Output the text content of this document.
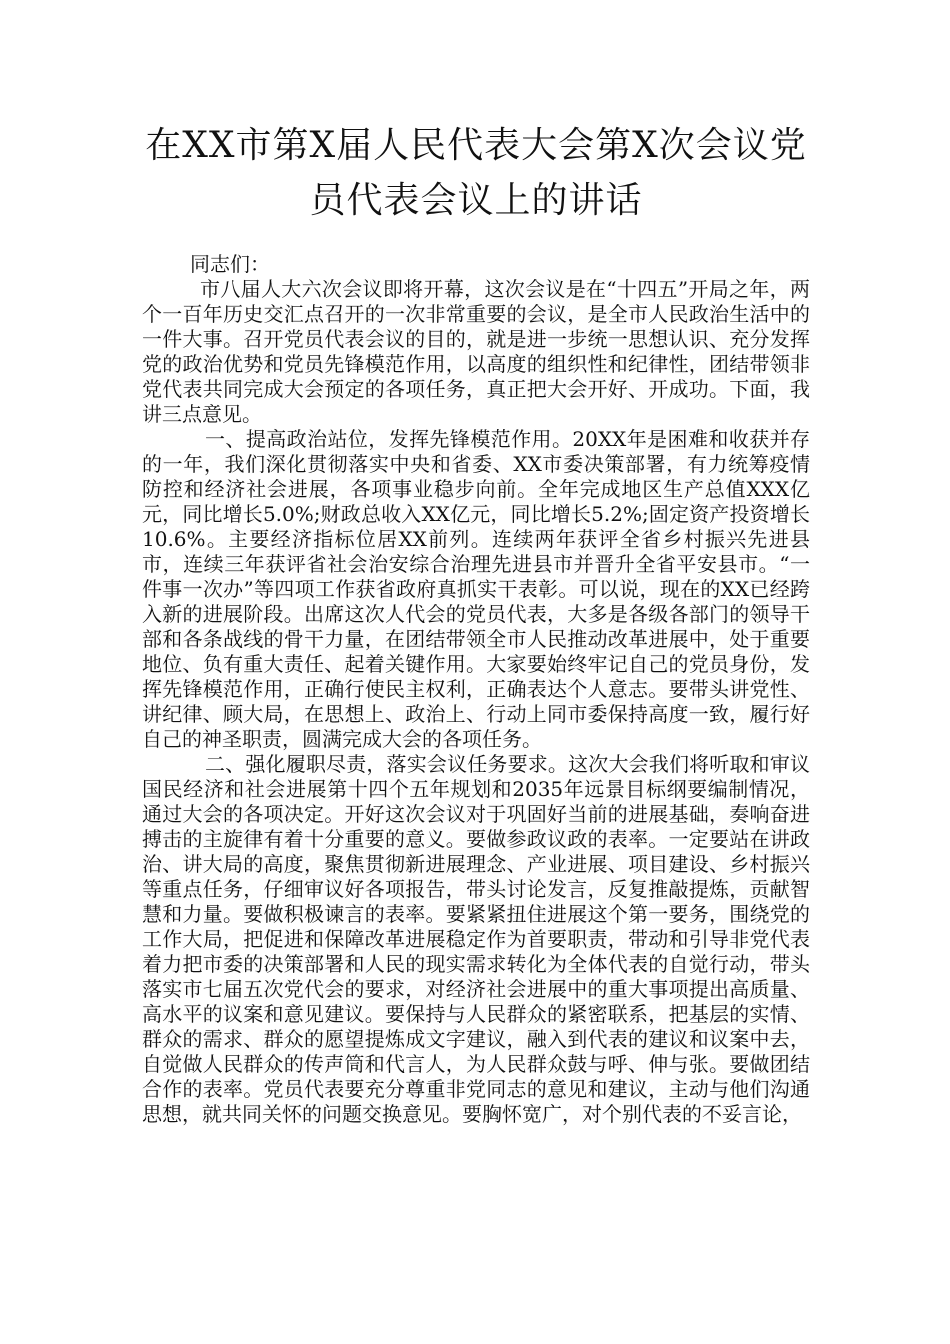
在XX市第X届人民代表大会第X次会议党员代表会议上的讲话

同志们：

市八届人大六次会议即将开幕，这次会议是在“十四五”开局之年，两个一百年历史交汇点召开的一次非常重要的会议，是全市人民政治生活中的一件大事。召开党员代表会议的目的，就是进一步统一思想认识、充分发挥党的政治优势和党员先锋模范作用，以高度的组织性和纪律性，团结带领非党代表共同完成大会预定的各项任务，真正把大会开好、开成功。下面，我讲三点意见。

一、提高政治站位，发挥先锋模范作用。20XX年是困难和收获并存的一年，我们深化贯彻落实中央和省委、XX市委决策部署，有力统筹疫情防控和经济社会进展，各项事业稳步向前。全年完成地区生产总值XXX亿元，同比增长5.0%;财政总收入XX亿元，同比增长5.2%;固定资产投资增长10.6%。主要经济指标位居XX前列。连续两年获评全省乡村振兴先进县市，连续三年获评省社会治安综合治理先进县市并晋升全省平安县市。“一件事一次办”等四项工作获省政府真抓实干表彰。可以说，现在的XX已经跨入新的进展阶段。出席这次人代会的党员代表，大多是各级各部门的领导干部和各条战线的骨干力量，在团结带领全市人民推动改革进展中，处于重要地位、负有重大责任、起着关键作用。大家要始终牢记自己的党员身份，发挥先锋模范作用，正确行使民主权利，正确表达个人意志。要带头讲党性、讲纪律、顾大局，在思想上、政治上、行动上同市委保持高度一致，履行好自己的神圣职责，圆满完成大会的各项任务。

二、强化履职尽责，落实会议任务要求。这次大会我们将听取和审议国民经济和社会进展第十四个五年规划和2035年远景目标纲要编制情况，通过大会的各项决定。开好这次会议对于巩固好当前的进展基础，奏响奋进搏击的主旋律有着十分重要的意义。要做参政议政的表率。一定要站在讲政治、讲大局的高度，聚焦贯彻新进展理念、产业进展、项目建设、乡村振兴等重点任务，仔细审议好各项报告，带头讨论发言，反复推敲提炼，贡献智慧和力量。要做积极谏言的表率。要紧紧扭住进展这个第一要务，围绕党的工作大局，把促进和保障改革进展稳定作为首要职责，带动和引导非党代表着力把市委的决策部署和人民的现实需求转化为全体代表的自觉行动，带头落实市七届五次党代会的要求，对经济社会进展中的重大事项提出高质量、高水平的议案和意见建议。要保持与人民群众的紧密联系，把基层的实情、群众的需求、群众的愿望提炼成文字建议，融入到代表的建议和议案中去，自觉做人民群众的传声筒和代言人，为人民群众鼓与呼、伸与张。要做团结合作的表率。党员代表要充分尊重非党同志的意见和建议，主动与他们沟通思想，就共同关怀的问题交换意见。要胸怀宽广，对个别代表的不妥言论，
